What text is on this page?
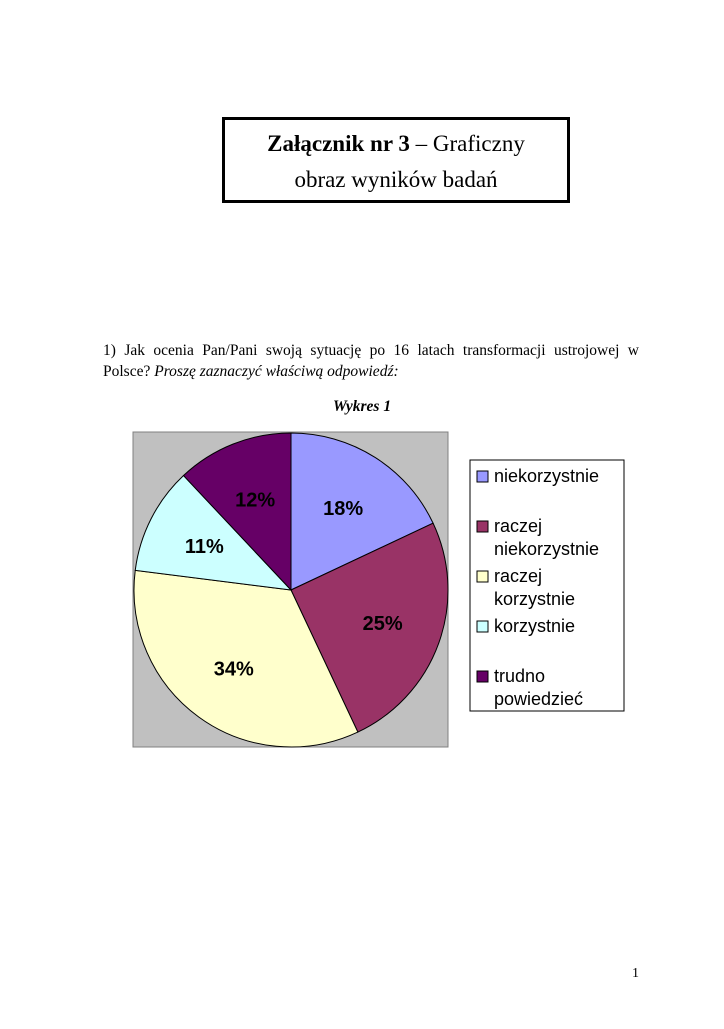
Załącznik nr 3 – Graficzny
obraz wyników badań
1) Jak ocenia Pan/Pani swoją sytuację po 16 latach transformacji ustrojowej w Polsce? Proszę zaznaczyć właściwą odpowiedź:
Wykres 1
18%
25%
34%
11%
12%
niekorzystnie
raczej
niekorzystnie
raczej
korzystnie
korzystnie
trudno
powiedzieć
1
